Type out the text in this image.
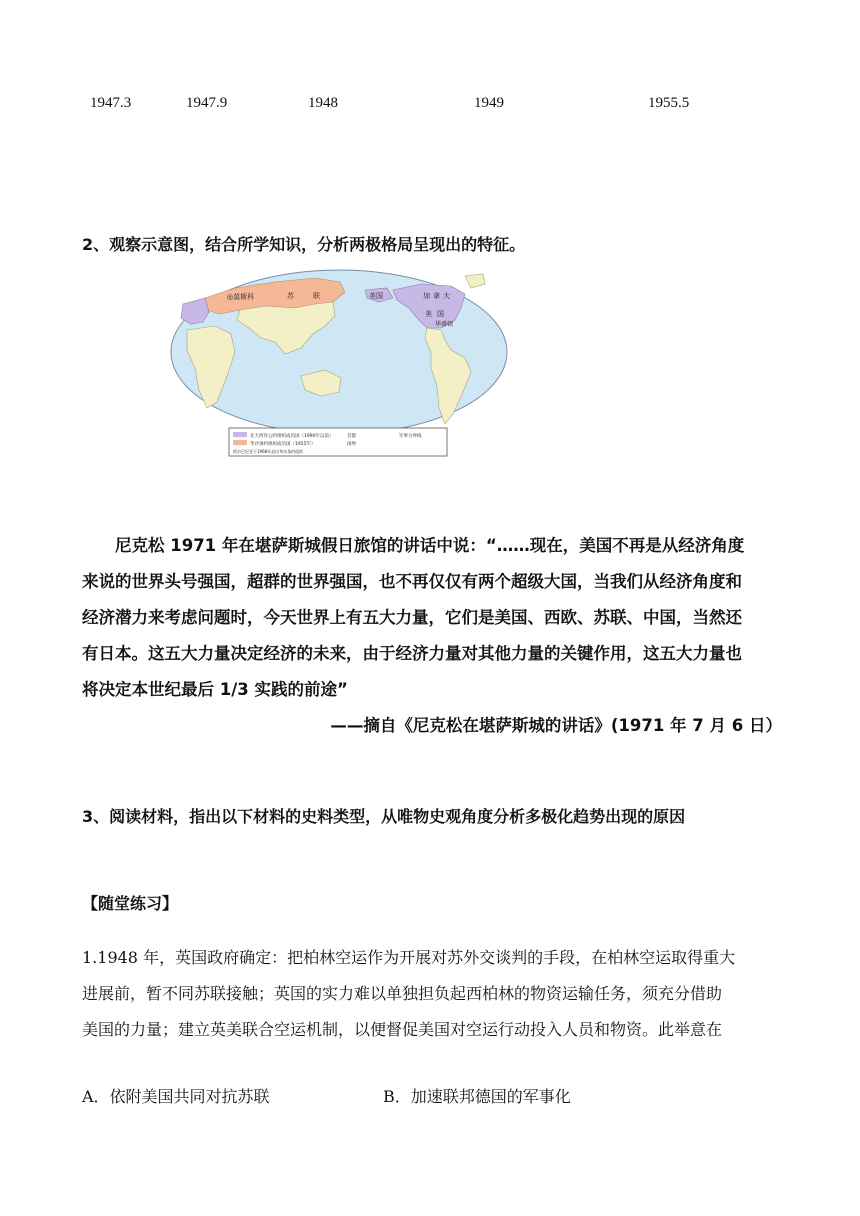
1947.3	1947.9	1948	1949	1955.5
2、观察示意图，结合所学知识，分析两极格局呈现出的特征。
◎莫斯科	苏	联	美国	加 拿 大
美 国
华盛顿
北大西洋公约组织成员国（1990年以前）
华沙条约组织成员国（1955年）
阿尔巴尼亚于1968年退出华沙条约组织
首都
国界
军事分界线

尼克松 1971 年在堪萨斯城假日旅馆的讲话中说：“……现在，美国不再是从经济角度

来说的世界头号强国，超群的世界强国，也不再仅仅有两个超级大国，当我们从经济角度和

经济潜力来考虑问题时，今天世界上有五大力量，它们是美国、西欧、苏联、中国，当然还

有日本。这五大力量决定经济的未来，由于经济力量对其他力量的关键作用，这五大力量也

将决定本世纪最后 1/3 实践的前途”

——摘自《尼克松在堪萨斯城的讲话》(1971 年 7 月 6 日）

3、阅读材料，指出以下材料的史料类型，从唯物史观角度分析多极化趋势出现的原因
【随堂练习】

1.1948 年，英国政府确定：把柏林空运作为开展对苏外交谈判的手段，在柏林空运取得重大

进展前，暂不同苏联接触；英国的实力难以单独担负起西柏林的物资运输任务，须充分借助

美国的力量；建立英美联合空运机制，以便督促美国对空运行动投入人员和物资。此举意在

A．依附美国共同对抗苏联	B．加速联邦德国的军事化
